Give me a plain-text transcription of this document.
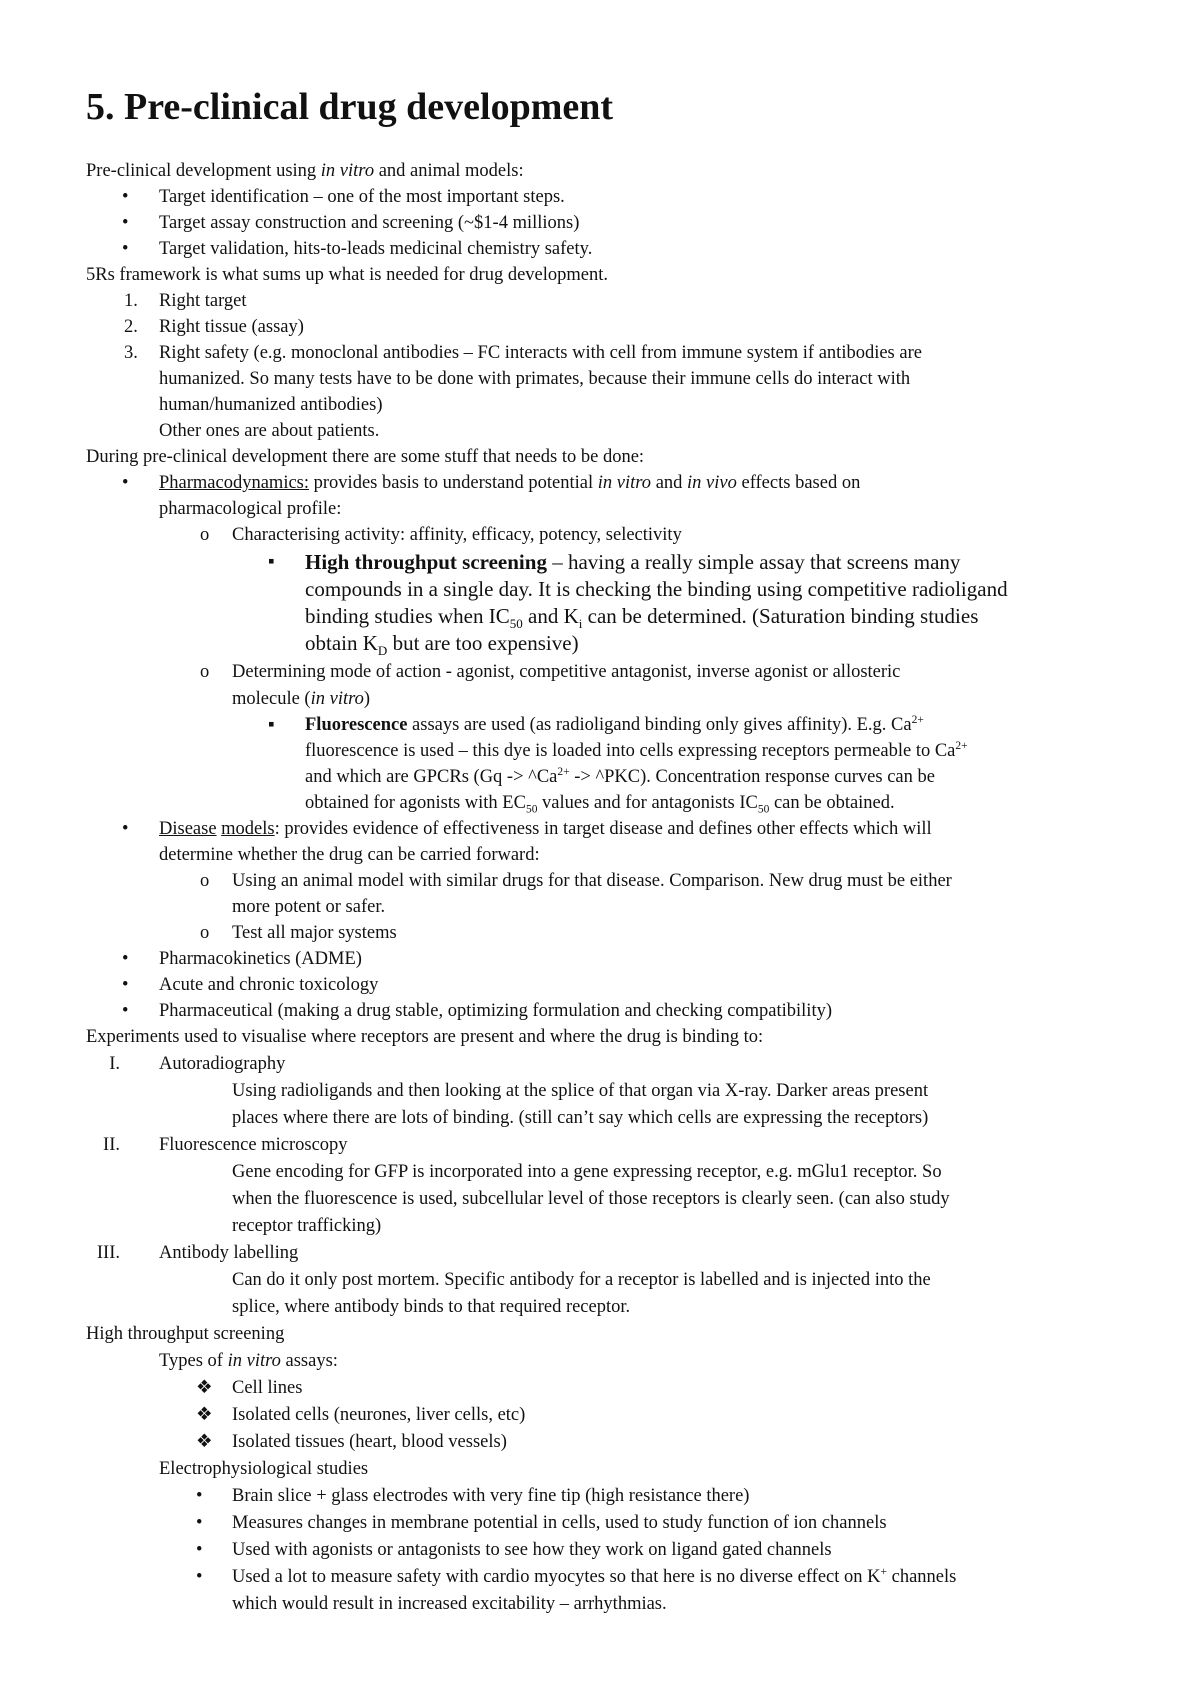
5. Pre-clinical drug development
Pre-clinical development using in vitro and animal models:
• Target identification – one of the most important steps.
• Target assay construction and screening (~$1-4 millions)
• Target validation, hits-to-leads medicinal chemistry safety.
5Rs framework is what sums up what is needed for drug development.
1. Right target
2. Right tissue (assay)
3. Right safety (e.g. monoclonal antibodies – FC interacts with cell from immune system if antibodies are
humanized. So many tests have to be done with primates, because their immune cells do interact with
human/humanized antibodies)
Other ones are about patients.
During pre-clinical development there are some stuff that needs to be done:
• Pharmacodynamics: provides basis to understand potential in vitro and in vivo effects based on
pharmacological profile:
o Characterising activity: affinity, efficacy, potency, selectivity
▪ High throughput screening – having a really simple assay that screens many
compounds in a single day. It is checking the binding using competitive radioligand
binding studies when $IC_{50}$ and $K_i$ can be determined. (Saturation binding studies
obtain $K_D$ but are too expensive)
o Determining mode of action - agonist, competitive antagonist, inverse agonist or allosteric
molecule (in vitro)
▪ Fluorescence assays are used (as radioligand binding only gives affinity). E.g. $Ca^{2+}$
fluorescence is used – this dye is loaded into cells expressing receptors permeable to $Ca^{2+}$
and which are GPCRs ($Gq -> \^{}Ca^{2+}$ -> ^PKC). Concentration response curves can be
obtained for agonists with $EC_{50}$ values and for antagonists $IC_{50}$ can be obtained.
• Disease models: provides evidence of effectiveness in target disease and defines other effects which will
determine whether the drug can be carried forward:
o Using an animal model with similar drugs for that disease. Comparison. New drug must be either
more potent or safer.
o Test all major systems
• Pharmacokinetics (ADME)
• Acute and chronic toxicology
• Pharmaceutical (making a drug stable, optimizing formulation and checking compatibility)
Experiments used to visualise where receptors are present and where the drug is binding to:
I. Autoradiography
Using radioligands and then looking at the splice of that organ via X-ray. Darker areas present
places where there are lots of binding. (still can’t say which cells are expressing the receptors)
II. Fluorescence microscopy
Gene encoding for GFP is incorporated into a gene expressing receptor, e.g. mGlu1 receptor. So
when the fluorescence is used, subcellular level of those receptors is clearly seen. (can also study
receptor trafficking)
III. Antibody labelling
Can do it only post mortem. Specific antibody for a receptor is labelled and is injected into the
splice, where antibody binds to that required receptor.
High throughput screening
Types of in vitro assays:
❖ Cell lines
❖ Isolated cells (neurones, liver cells, etc)
❖ Isolated tissues (heart, blood vessels)
Electrophysiological studies
• Brain slice + glass electrodes with very fine tip (high resistance there)
• Measures changes in membrane potential in cells, used to study function of ion channels
• Used with agonists or antagonists to see how they work on ligand gated channels
• Used a lot to measure safety with cardio myocytes so that here is no diverse effect on K+ channels
which would result in increased excitability – arrhythmias.
